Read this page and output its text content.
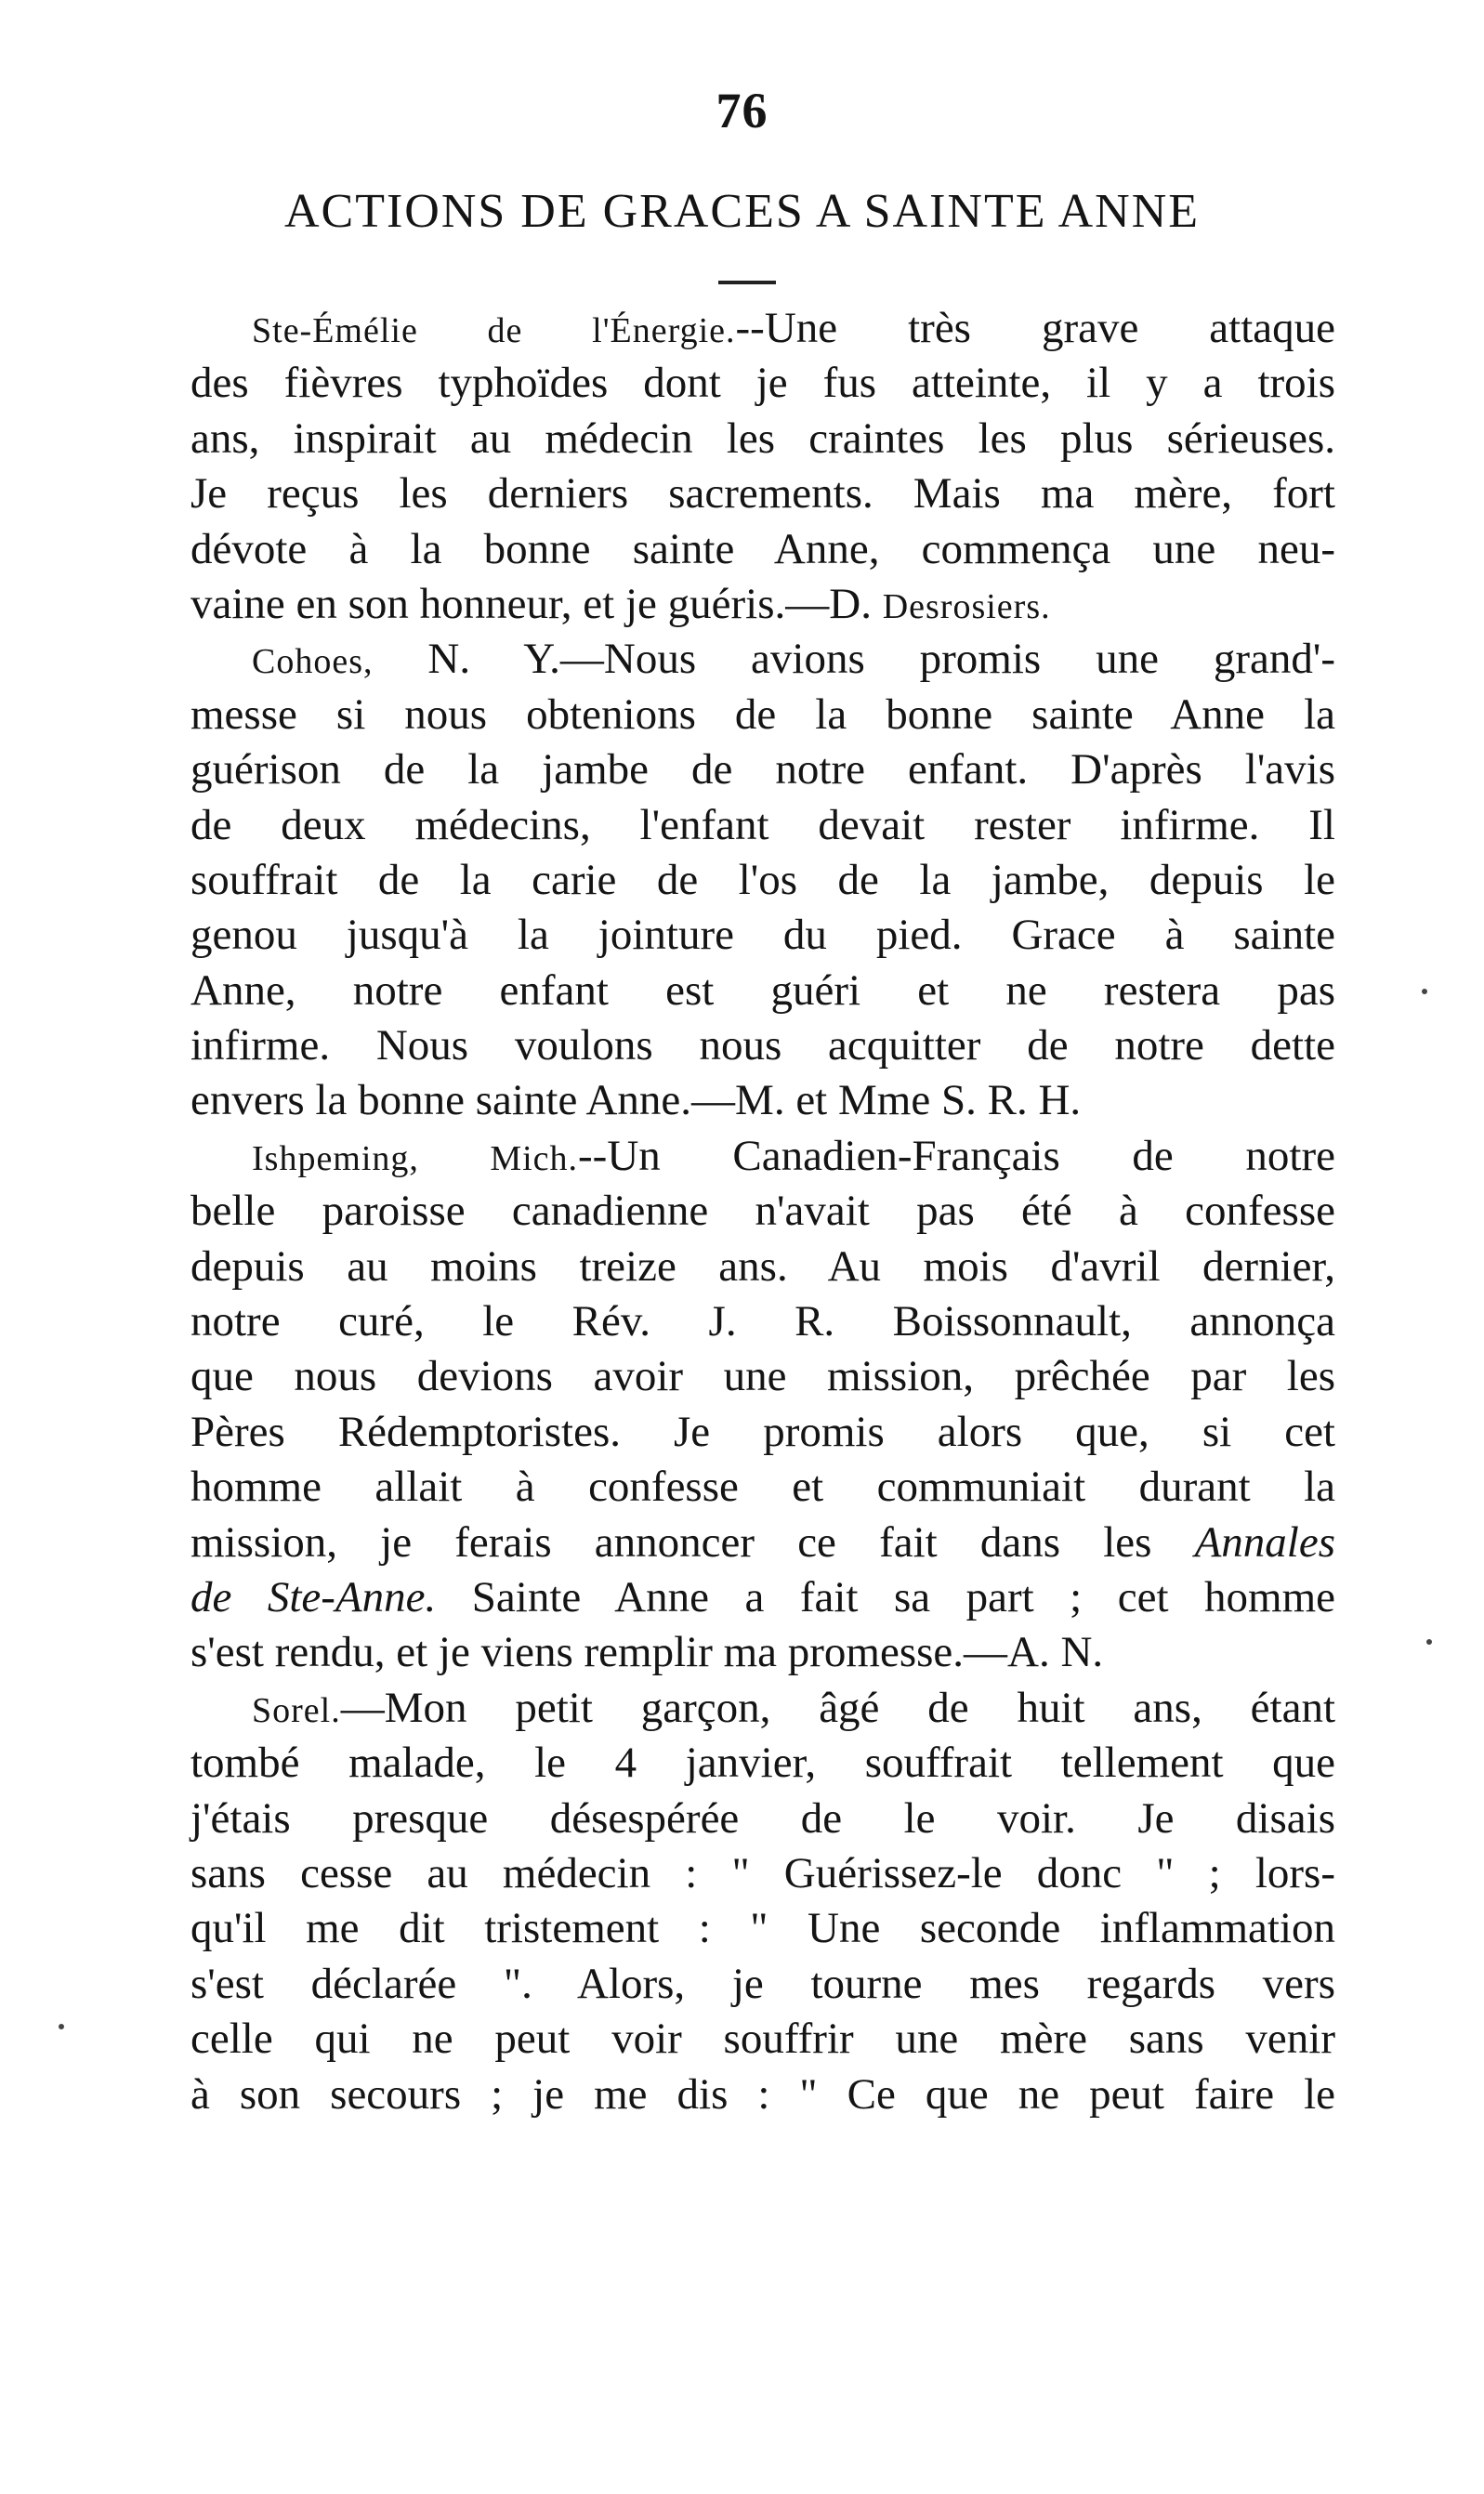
76
ACTIONS DE GRACES A SAINTE ANNE
Ste-Émélie de l'Énergie.--Une très grave attaque
des fièvres typhoïdes dont je fus atteinte, il y a trois
ans, inspirait au médecin les craintes les plus sérieuses.
Je reçus les derniers sacrements. Mais ma mère, fort
dévote à la bonne sainte Anne, commença une neu-
vaine en son honneur, et je guéris.—D. Desrosiers.
Cohoes, N. Y.—Nous avions promis une grand'-
messe si nous obtenions de la bonne sainte Anne la
guérison de la jambe de notre enfant. D'après l'avis
de deux médecins, l'enfant devait rester infirme. Il
souffrait de la carie de l'os de la jambe, depuis le
genou jusqu'à la jointure du pied. Grace à sainte
Anne, notre enfant est guéri et ne restera pas
infirme. Nous voulons nous acquitter de notre dette
envers la bonne sainte Anne.—M. et Mme S. R. H.
Ishpeming, Mich.--Un Canadien-Français de notre
belle paroisse canadienne n'avait pas été à confesse
depuis au moins treize ans. Au mois d'avril dernier,
notre curé, le Rév. J. R. Boissonnault, annonça
que nous devions avoir une mission, prêchée par les
Pères Rédemptoristes. Je promis alors que, si cet
homme allait à confesse et communiait durant la
mission, je ferais annoncer ce fait dans les Annales
de Ste-Anne. Sainte Anne a fait sa part ; cet homme
s'est rendu, et je viens remplir ma promesse.—A. N.
Sorel.—Mon petit garçon, âgé de huit ans, étant
tombé malade, le 4 janvier, souffrait tellement que
j'étais presque désespérée de le voir. Je disais
sans cesse au médecin : " Guérissez-le donc " ; lors-
qu'il me dit tristement : " Une seconde inflammation
s'est déclarée ". Alors, je tourne mes regards vers
celle qui ne peut voir souffrir une mère sans venir
à son secours ; je me dis : " Ce que ne peut faire le
